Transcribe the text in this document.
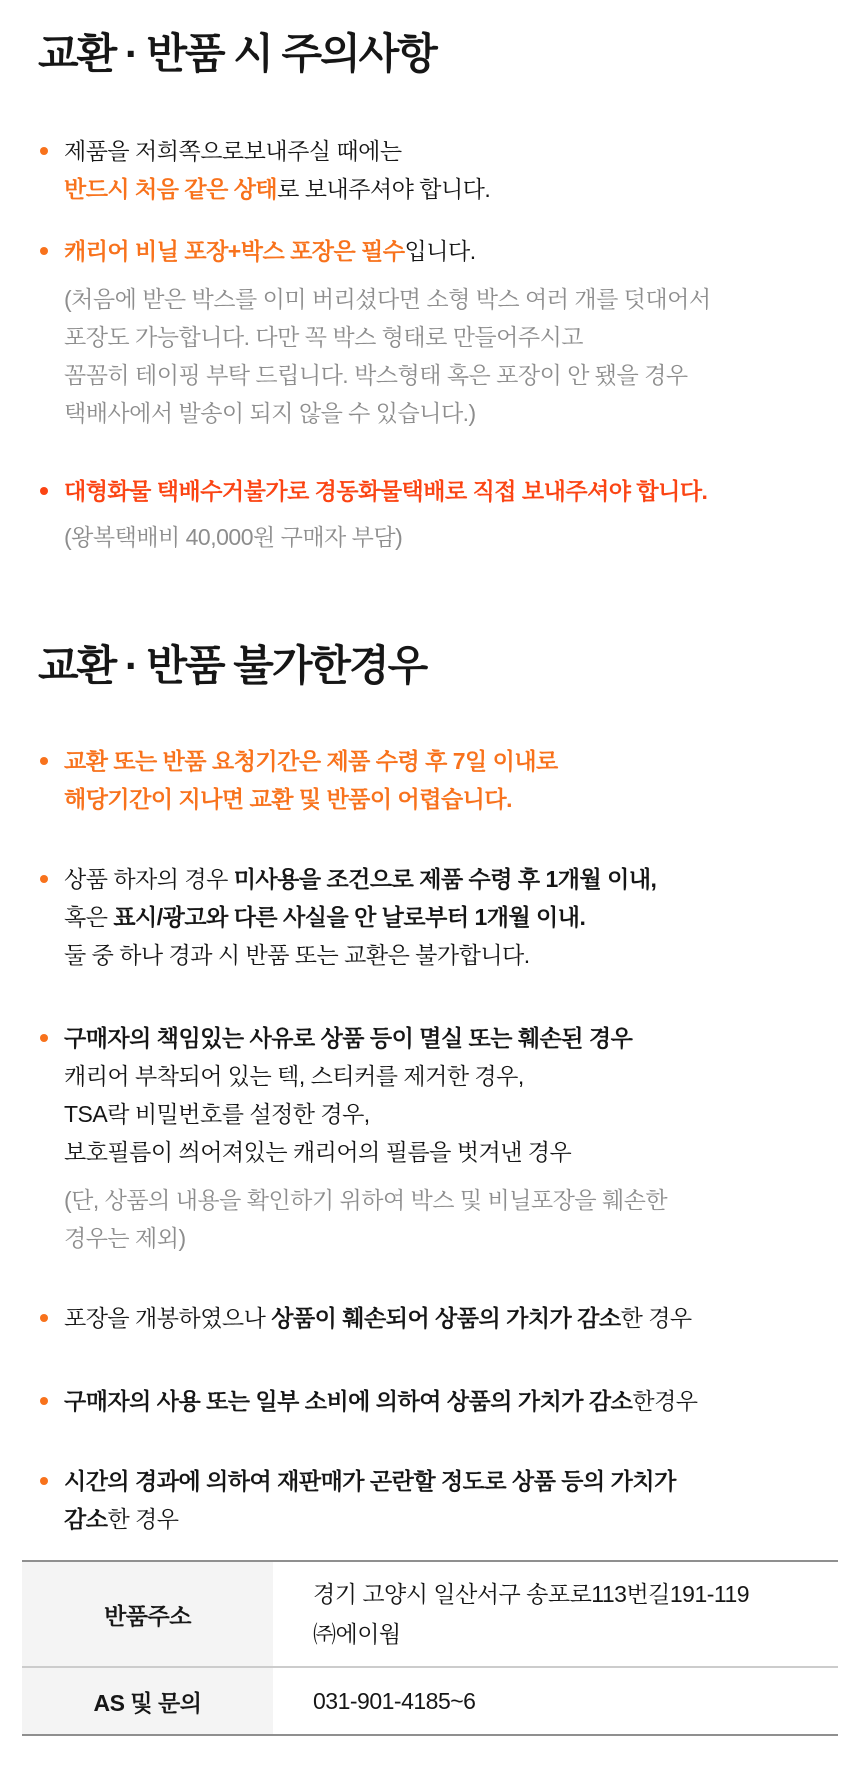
교환 · 반품 시 주의사항
제품을 저희쪽으로보내주실 때에는
반드시 처음 같은 상태로 보내주셔야 합니다.
캐리어 비닐 포장+박스 포장은 필수입니다.
(처음에 받은 박스를 이미 버리셨다면 소형 박스 여러 개를 덧대어서
포장도 가능합니다. 다만 꼭 박스 형태로 만들어주시고
꼼꼼히 테이핑 부탁 드립니다. 박스형태 혹은 포장이 안 됐을 경우
택배사에서 발송이 되지 않을 수 있습니다.)
대형화물 택배수거불가로 경동화물택배로 직접 보내주셔야 합니다.
(왕복택배비 40,000원 구매자 부담)
교환 · 반품 불가한경우
교환 또는 반품 요청기간은 제품 수령 후 7일 이내로
해당기간이 지나면 교환 및 반품이 어렵습니다.
상품 하자의 경우 미사용을 조건으로 제품 수령 후 1개월 이내,
혹은 표시/광고와 다른 사실을 안 날로부터 1개월 이내.
둘 중 하나 경과 시 반품 또는 교환은 불가합니다.
구매자의 책임있는 사유로 상품 등이 멸실 또는 훼손된 경우
캐리어 부착되어 있는 텍, 스티커를 제거한 경우,
TSA락 비밀번호를 설정한 경우,
보호필름이 씌어져있는 캐리어의 필름을 벗겨낸 경우
(단, 상품의 내용을 확인하기 위하여 박스 및 비닐포장을 훼손한
경우는 제외)
포장을 개봉하였으나 상품이 훼손되어 상품의 가치가 감소한 경우
구매자의 사용 또는 일부 소비에 의하여 상품의 가치가 감소한경우
시간의 경과에 의하여 재판매가 곤란할 정도로 상품 등의 가치가
감소한 경우
반품주소
경기 고양시 일산서구 송포로113번길191-119
㈜에이웜
AS 및 문의	031-901-4185~6
